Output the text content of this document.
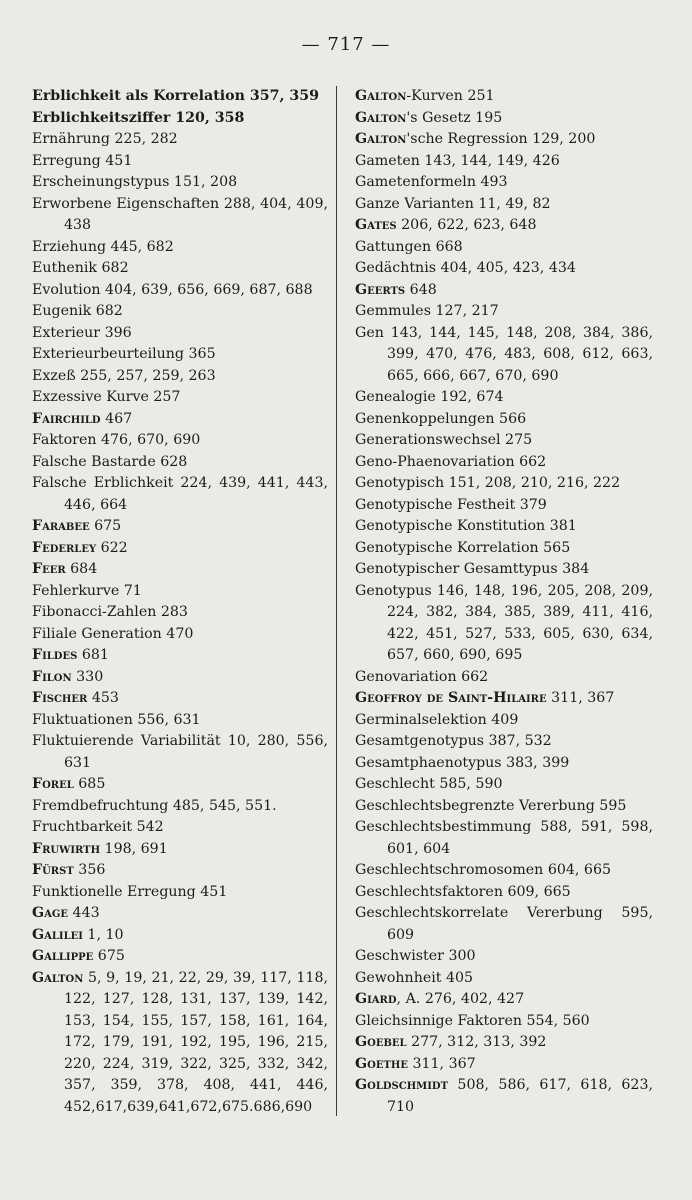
— 717 —
Erblichkeit als Korrelation 357, 359
Erblichkeitsziffer 120, 358
Ernährung 225, 282
Erregung 451
Erscheinungstypus 151, 208
Erworbene Eigenschaften 288, 404, 409, 438
Erziehung 445, 682
Euthenik 682
Evolution 404, 639, 656, 669, 687, 688
Eugenik 682
Exterieur 396
Exterieurbeurteilung 365
Exzeß 255, 257, 259, 263
Exzessive Kurve 257
Fairchild 467
Faktoren 476, 670, 690
Falsche Bastarde 628
Falsche Erblichkeit 224, 439, 441, 443, 446, 664
Farabee 675
Federley 622
Feer 684
Fehlerkurve 71
Fibonacci-Zahlen 283
Filiale Generation 470
Fildes 681
Filon 330
Fischer 453
Fluktuationen 556, 631
Fluktuierende Variabilität 10, 280, 556, 631
Forel 685
Fremdbefruchtung 485, 545, 551.
Fruchtbarkeit 542
Fruwirth 198, 691
Fürst 356
Funktionelle Erregung 451
Gage 443
Galilei 1, 10
Gallippe 675
Galton 5, 9, 19, 21, 22, 29, 39, 117, 118, 122, 127, 128, 131, 137, 139, 142, 153, 154, 155, 157, 158, 161, 164, 172, 179, 191, 192, 195, 196, 215, 220, 224, 319, 322, 325, 332, 342, 357, 359, 378, 408, 441, 446, 452,617,639,641,672,675.686,690
Galton-Kurven 251
Galton's Gesetz 195
Galton'sche Regression 129, 200
Gameten 143, 144, 149, 426
Gametenformeln 493
Ganze Varianten 11, 49, 82
Gates 206, 622, 623, 648
Gattungen 668
Gedächtnis 404, 405, 423, 434
Geerts 648
Gemmules 127, 217
Gen 143, 144, 145, 148, 208, 384, 386, 399, 470, 476, 483, 608, 612, 663, 665, 666, 667, 670, 690
Genealogie 192, 674
Genenkoppelungen 566
Generationswechsel 275
Geno-Phaenovariation 662
Genotypisch 151, 208, 210, 216, 222
Genotypische Festheit 379
Genotypische Konstitution 381
Genotypische Korrelation 565
Genotypischer Gesamttypus 384
Genotypus 146, 148, 196, 205, 208, 209, 224, 382, 384, 385, 389, 411, 416, 422, 451, 527, 533, 605, 630, 634, 657, 660, 690, 695
Genovariation 662
Geoffroy de Saint-Hilaire 311, 367
Germinalselektion 409
Gesamtgenotypus 387, 532
Gesamtphaenotypus 383, 399
Geschlecht 585, 590
Geschlechtsbegrenzte Vererbung 595
Geschlechtsbestimmung 588, 591, 598, 601, 604
Geschlechtschromosomen 604, 665
Geschlechtsfaktoren 609, 665
Geschlechtskorrelate Vererbung 595, 609
Geschwister 300
Gewohnheit 405
Giard, A. 276, 402, 427
Gleichsinnige Faktoren 554, 560
Goebel 277, 312, 313, 392
Goethe 311, 367
Goldschmidt 508, 586, 617, 618, 623, 710
